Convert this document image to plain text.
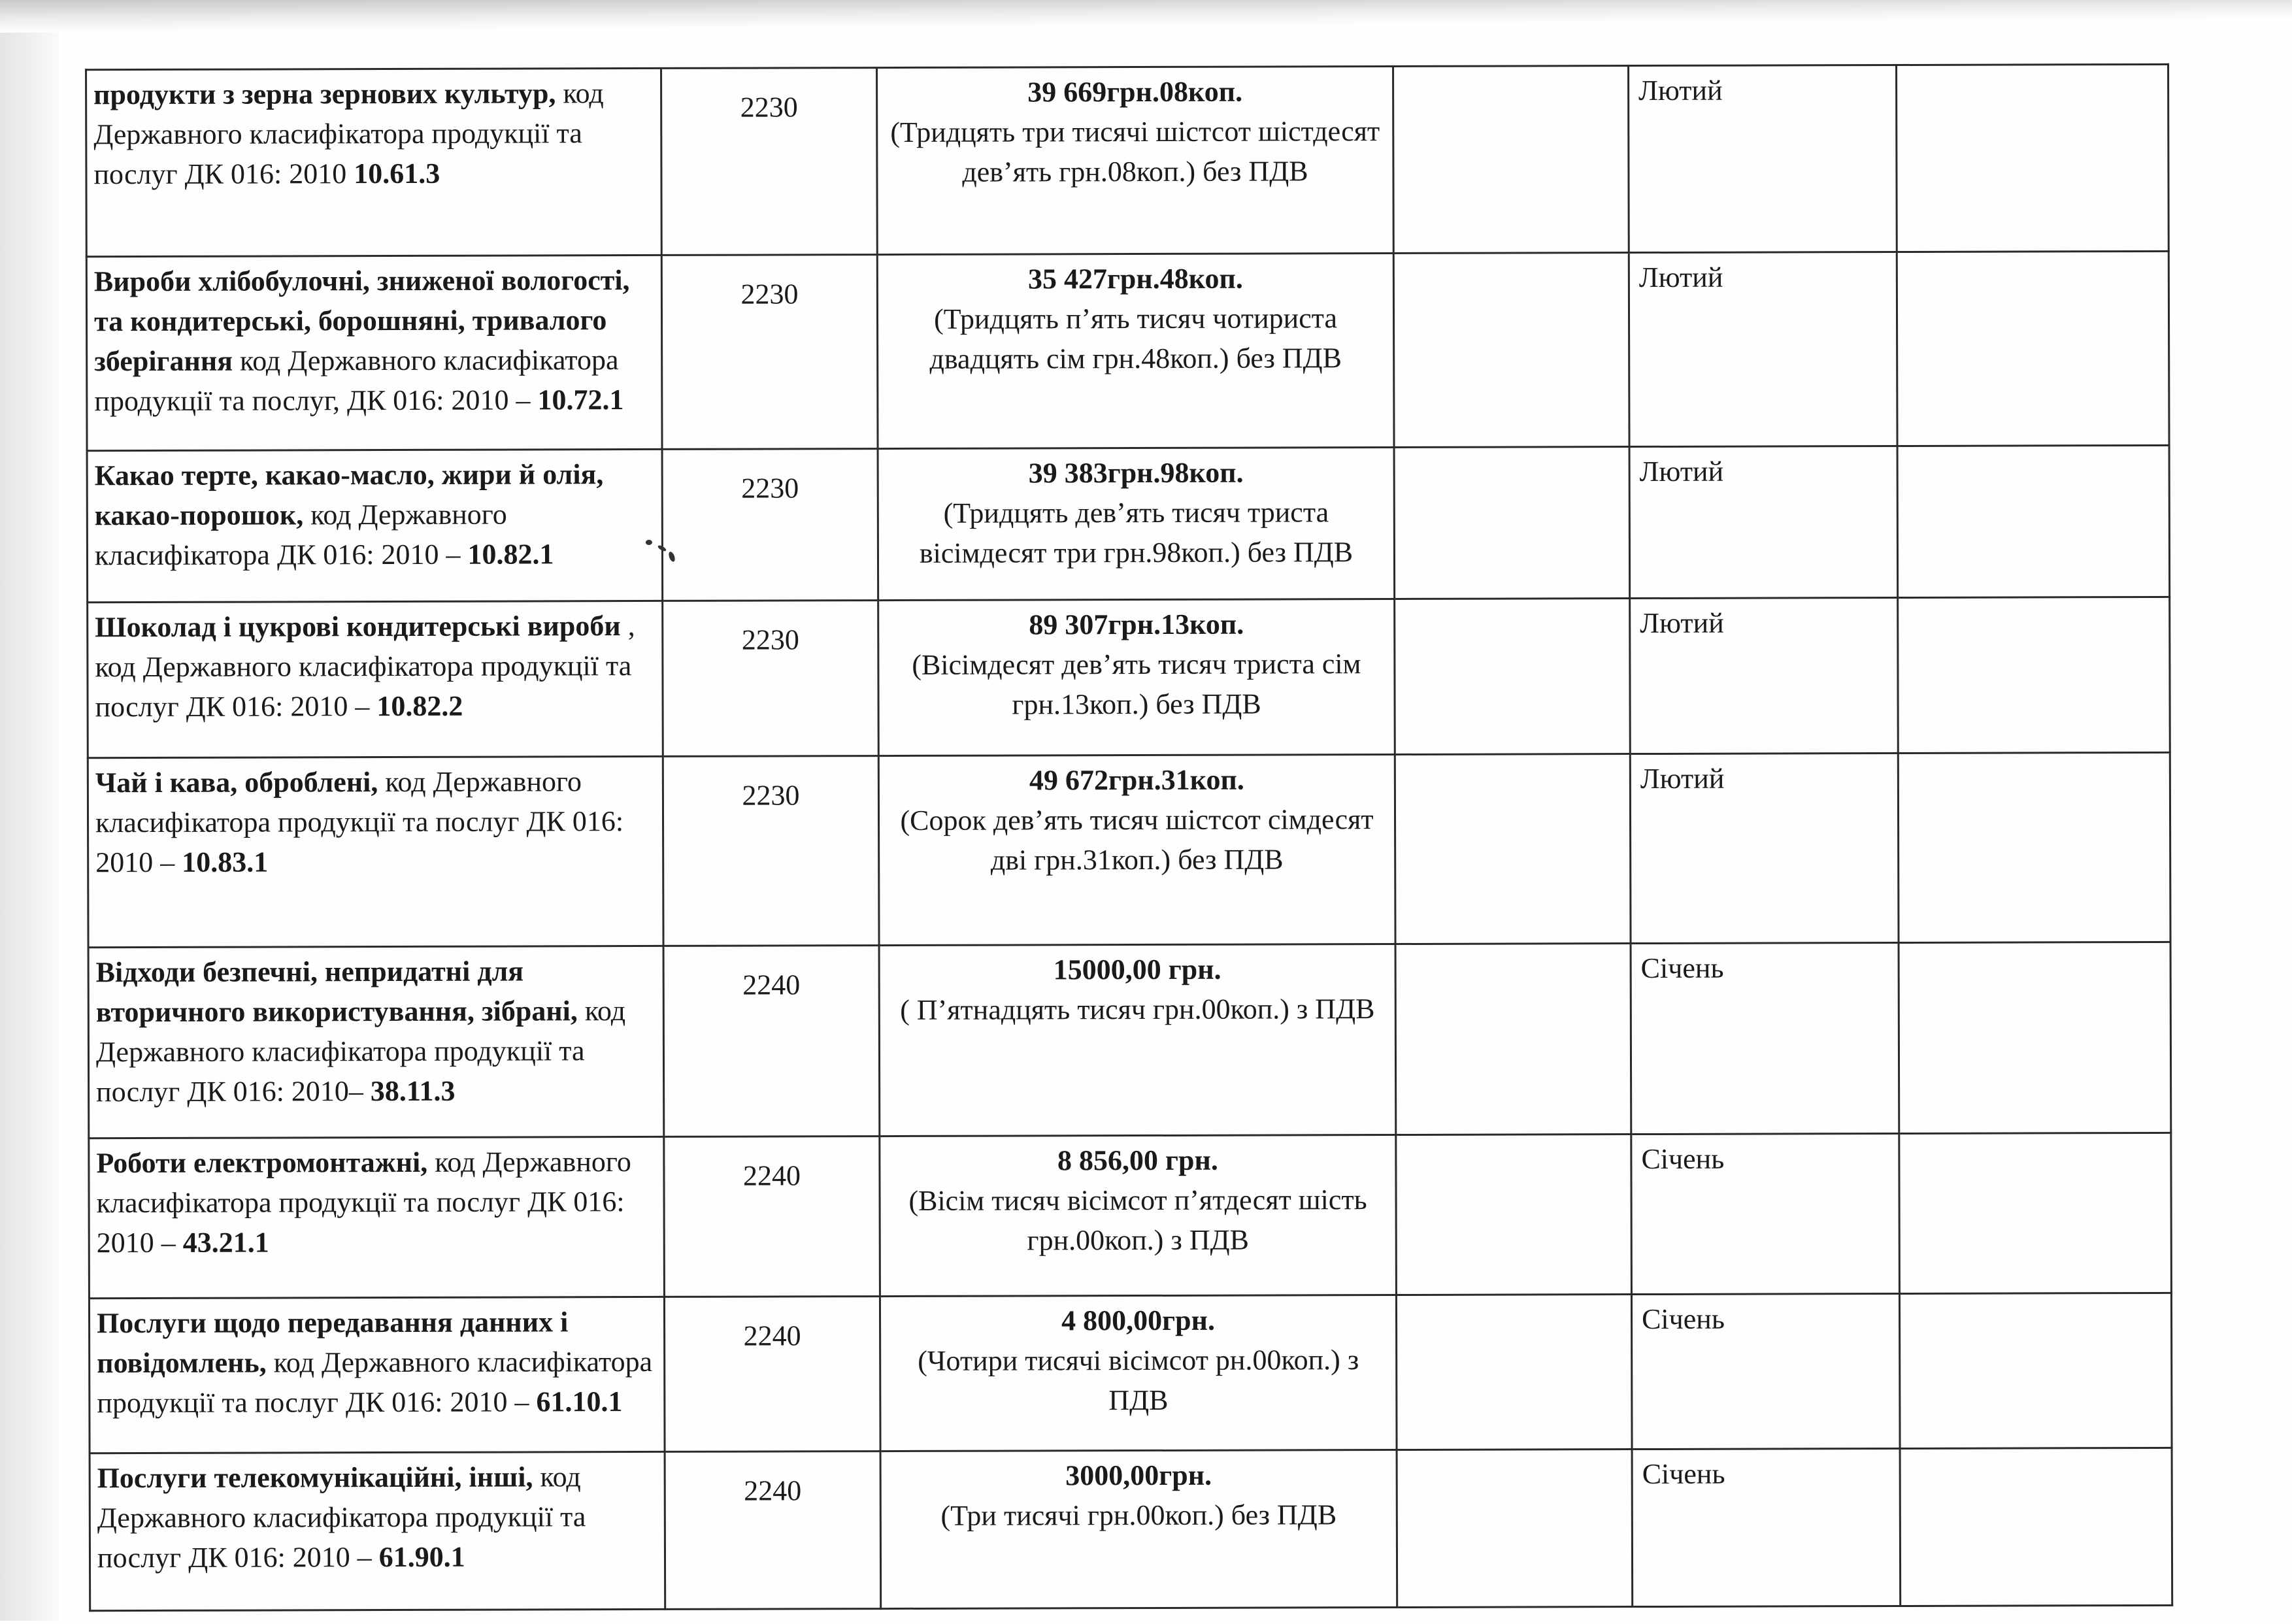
продукти з зерна зернових культур, код Державного класифікатора продукції та послуг ДК 016: 2010 10.61.3	2230	39 669грн.08коп.
(Тридцять три тисячі шістсот шістдесят дев’ять грн.08коп.) без ПДВ		Лютий	

Вироби хлібобулочні, зниженої вологості, та кондитерські, борошняні, тривалого зберігання код Державного класифікатора продукції та послуг, ДК 016: 2010 – 10.72.1	2230	35 427грн.48коп.
(Тридцять п’ять тисяч чотириста двадцять сім грн.48коп.) без ПДВ		Лютий	

Какао терте, какао-масло, жири й олія, какао-порошок, код Державного класифікатора ДК 016: 2010 – 10.82.1	2230	39 383грн.98коп.
(Тридцять дев’ять тисяч триста вісімдесят три грн.98коп.) без ПДВ		Лютий	

Шоколад і цукрові кондитерські вироби , код Державного класифікатора продукції та послуг ДК 016: 2010 – 10.82.2	2230	89 307грн.13коп.
(Вісімдесят дев’ять тисяч триста сім грн.13коп.) без ПДВ		Лютий	

Чай і кава, оброблені, код Державного класифікатора продукції та послуг ДК 016: 2010 – 10.83.1	2230	49 672грн.31коп.
(Сорок дев’ять тисяч шістсот сімдесят дві грн.31коп.) без ПДВ		Лютий	

Відходи безпечні, непридатні для вторичного використування, зібрані, код Державного класифікатора продукції та послуг ДК 016: 2010– 38.11.3	2240	15000,00 грн.
( П’ятнадцять тисяч грн.00коп.) з ПДВ		Січень	

Роботи електромонтажні, код Державного класифікатора продукції та послуг ДК 016: 2010 – 43.21.1	2240	8 856,00 грн.
(Вісім тисяч вісімсот п’ятдесят шість грн.00коп.) з ПДВ		Січень	

Послуги щодо передавання данних і повідомлень, код Державного класифікатора продукції та послуг ДК 016: 2010 – 61.10.1	2240	4 800,00грн.
(Чотири тисячі вісімсот рн.00коп.) з ПДВ		Січень	

Послуги телекомунікаційні, інші, код Державного класифікатора продукції та послуг ДК 016: 2010 – 61.90.1	2240	3000,00грн.
(Три тисячі грн.00коп.) без ПДВ		Січень	
